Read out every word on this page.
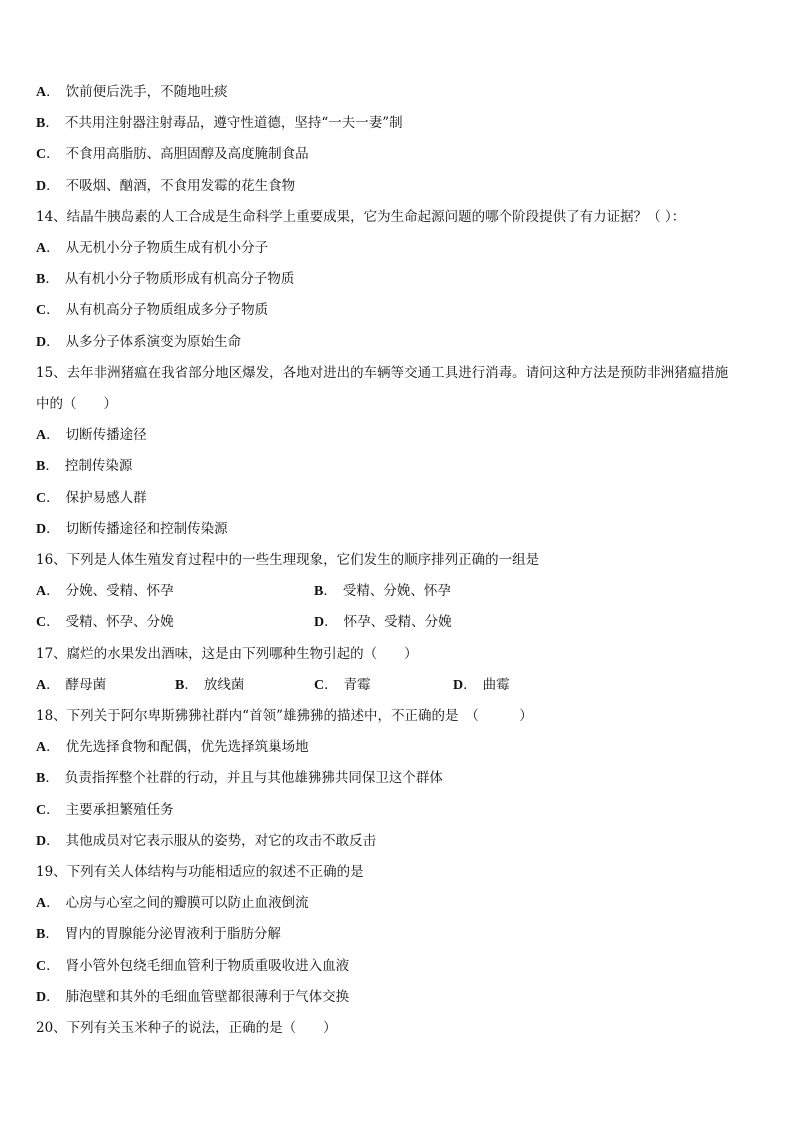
A． 饮前便后洗手，不随地吐痰
B． 不共用注射器注射毒品，遵守性道德，坚持“一夫一妻”制
C． 不食用高脂肪、高胆固醇及高度腌制食品
D． 不吸烟、酗酒，不食用发霉的花生食物
14、结晶牛胰岛素的人工合成是生命科学上重要成果，它为生命起源问题的哪个阶段提供了有力证据？（ ）：
A． 从无机小分子物质生成有机小分子
B． 从有机小分子物质形成有机高分子物质
C． 从有机高分子物质组成多分子物质
D． 从多分子体系演变为原始生命
15、去年非洲猪瘟在我省部分地区爆发，各地对进出的车辆等交通工具进行消毒。请问这种方法是预防非洲猪瘟措施
中的（　　）
A． 切断传播途径
B． 控制传染源
C． 保护易感人群
D． 切断传播途径和控制传染源
16、下列是人体生殖发育过程中的一些生理现象，它们发生的顺序排列正确的一组是
A． 分娩、受精、怀孕	B． 受精、分娩、怀孕
C． 受精、怀孕、分娩	D． 怀孕、受精、分娩
17、腐烂的水果发出酒味，这是由下列哪种生物引起的（　　）
A． 酵母菌	B． 放线菌	C． 青霉	D． 曲霉
18、下列关于阿尔卑斯狒狒社群内“首领”雄狒狒的描述中，不正确的是　（　　　）
A． 优先选择食物和配偶，优先选择筑巢场地
B． 负责指挥整个社群的行动，并且与其他雄狒狒共同保卫这个群体
C． 主要承担繁殖任务
D． 其他成员对它表示服从的姿势，对它的攻击不敢反击
19、下列有关人体结构与功能相适应的叙述不正确的是
A． 心房与心室之间的瓣膜可以防止血液倒流
B． 胃内的胃腺能分泌胃液利于脂肪分解
C． 肾小管外包绕毛细血管利于物质重吸收进入血液
D． 肺泡壁和其外的毛细血管壁都很薄利于气体交换
20、下列有关玉米种子的说法，正确的是（　　）
